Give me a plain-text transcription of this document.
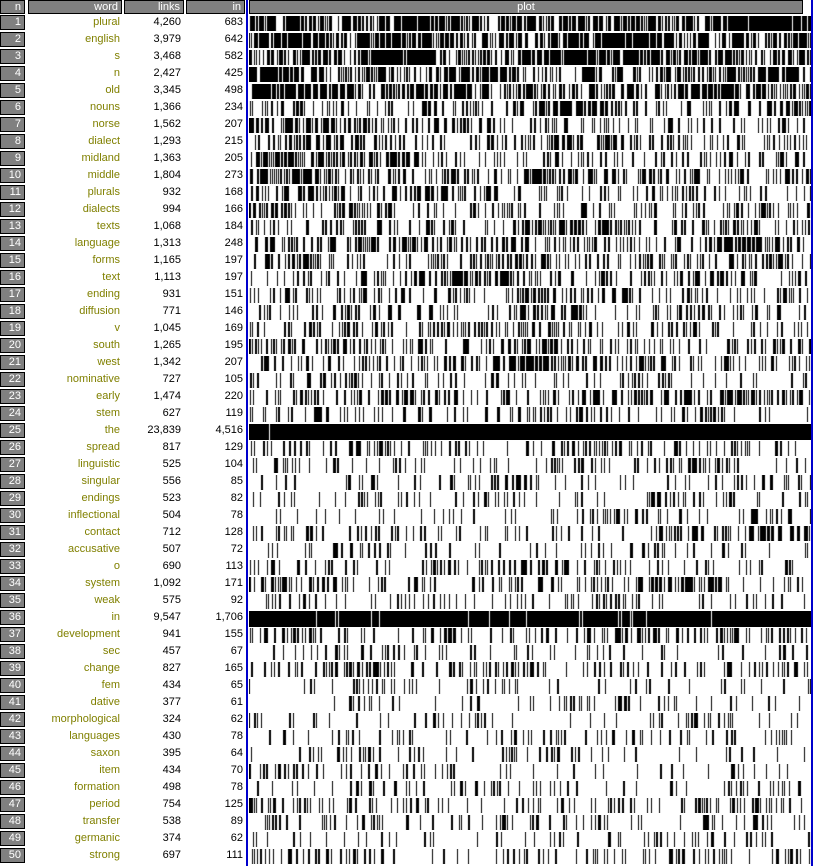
n	word	links	in	plot
1	plural	4,260	683
2	english	3,979	642
3	s	3,468	582
4	n	2,427	425
5	old	3,345	498
6	nouns	1,366	234
7	norse	1,562	207
8	dialect	1,293	215
9	midland	1,363	205
10	middle	1,804	273
11	plurals	932	168
12	dialects	994	166
13	texts	1,068	184
14	language	1,313	248
15	forms	1,165	197
16	text	1,113	197
17	ending	931	151
18	diffusion	771	146
19	v	1,045	169
20	south	1,265	195
21	west	1,342	207
22	nominative	727	105
23	early	1,474	220
24	stem	627	119
25	the	23,839	4,516
26	spread	817	129
27	linguistic	525	104
28	singular	556	85
29	endings	523	82
30	inflectional	504	78
31	contact	712	128
32	accusative	507	72
33	o	690	113
34	system	1,092	171
35	weak	575	92
36	in	9,547	1,706
37	development	941	155
38	sec	457	67
39	change	827	165
40	fem	434	65
41	dative	377	61
42	morphological	324	62
43	languages	430	78
44	saxon	395	64
45	item	434	70
46	formation	498	78
47	period	754	125
48	transfer	538	89
49	germanic	374	62
50	strong	697	111
